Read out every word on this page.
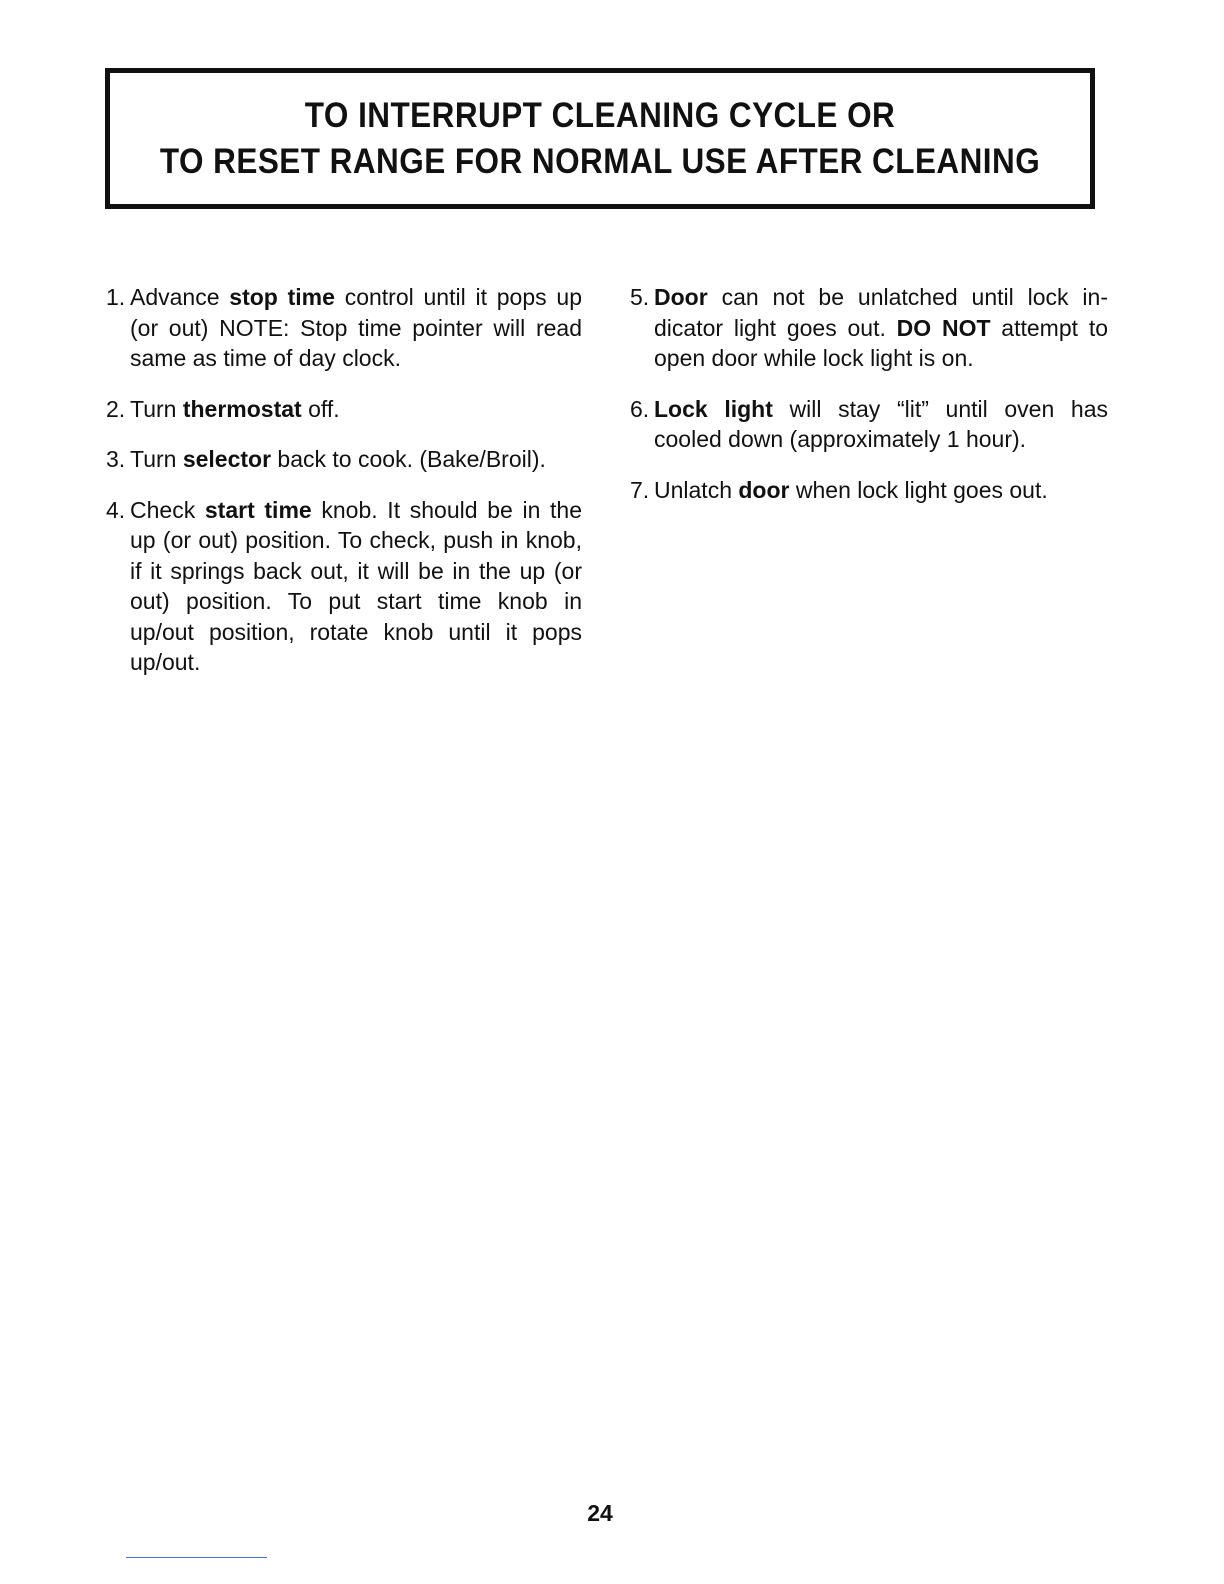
TO INTERRUPT CLEANING CYCLE OR
TO RESET RANGE FOR NORMAL USE AFTER CLEANING
1. Advance stop time control until it pops up (or out) NOTE: Stop time pointer will read same as time of day clock.
2. Turn thermostat off.
3. Turn selector back to cook. (Bake/Broil).
4. Check start time knob. It should be in the up (or out) position. To check, push in knob, if it springs back out, it will be in the up (or out) position. To put start time knob in up/out position, rotate knob until it pops up/out.
5. Door can not be unlatched until lock in-dicator light goes out. DO NOT attempt to open door while lock light is on.
6. Lock light will stay “lit” until oven has cooled down (approximately 1 hour).
7. Unlatch door when lock light goes out.
24
